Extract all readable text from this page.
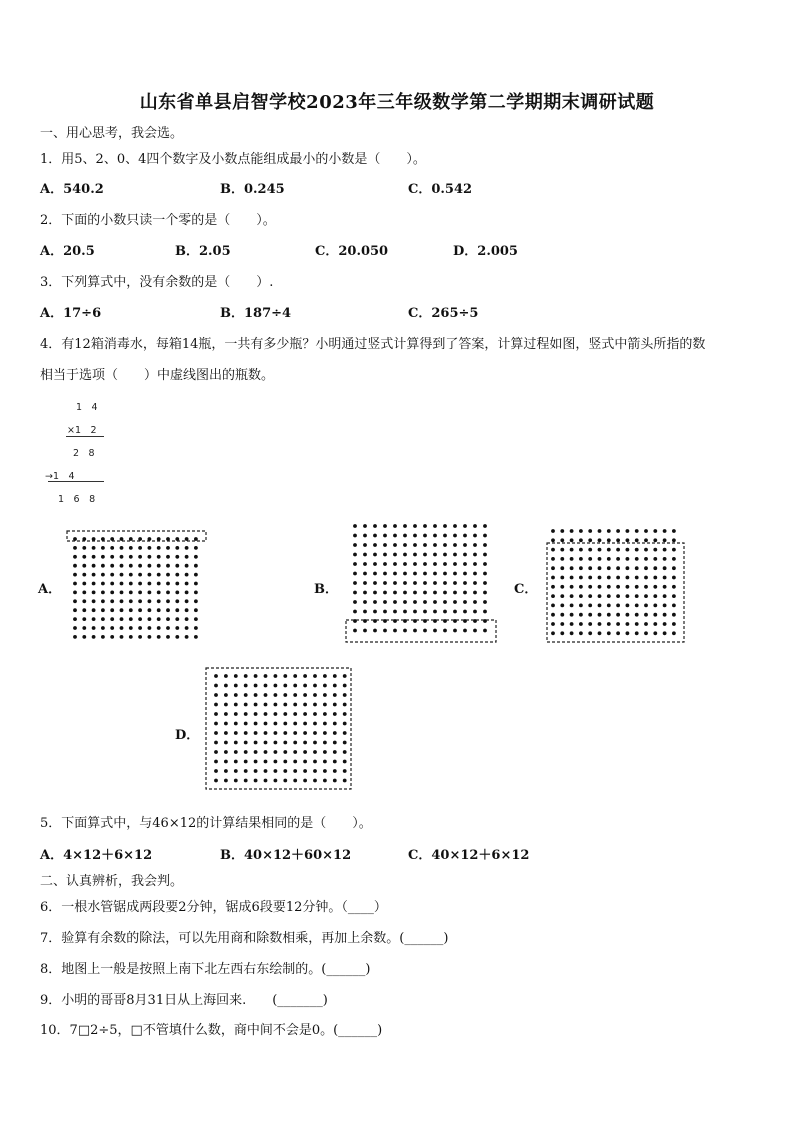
山东省单县启智学校2023年三年级数学第二学期期末调研试题
一、用心思考，我会选。
1．用5、2、0、4四个数字及小数点能组成最小的小数是（　　）。
A．540.2	B．0.245	C．0.542
2．下面的小数只读一个零的是（　　）。
A．20.5	B．2.05	C．20.050	D．2.005
3．下列算式中，没有余数的是（　　）.
A．17÷6	B．187÷4	C．265÷5
4．有12箱消毒水，每箱14瓶，一共有多少瓶？小明通过竖式计算得到了答案，计算过程如图，竖式中箭头所指的数
相当于选项（　　）中虚线图出的瓶数。
1　4
×1　2
2　8
→1　4
1　6　8
A．	B．	C．
D．
5．下面算式中，与46×12的计算结果相同的是（　　）。
A．4×12＋6×12	B．40×12＋60×12	C．40×12＋6×12
二、认真辨析，我会判。
6．一根水管锯成两段要2分钟，锯成6段要12分钟。（____）
7．验算有余数的除法，可以先用商和除数相乘，再加上余数。(______)
8．地图上一般是按照上南下北左西右东绘制的。(______)
9．小明的哥哥8月31日从上海回来.　　(_______)
10．7□2÷5，□不管填什么数，商中间不会是0。(______)
